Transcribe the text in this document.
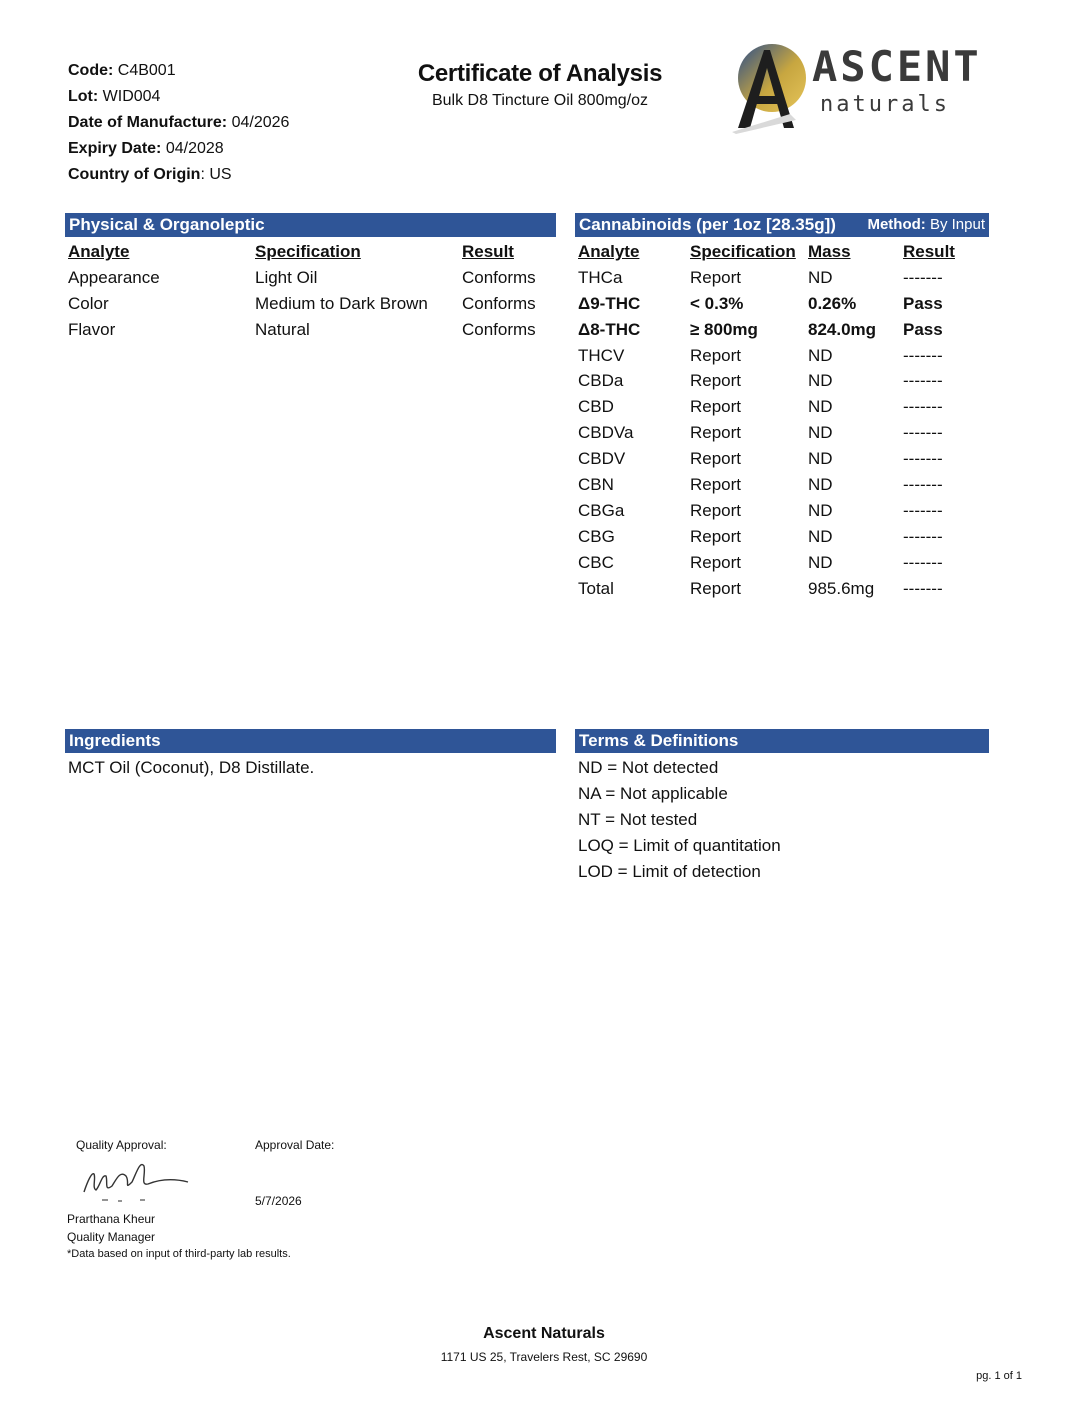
Code: C4B001
Lot: WID004
Date of Manufacture: 04/2026
Expiry Date: 04/2028
Country of Origin: US
Certificate of Analysis
Bulk D8 Tincture Oil 800mg/oz
ASCENT
naturals
Physical & Organoleptic
Analyte	Specification	Result
Appearance	Light Oil	Conforms
Color	Medium to Dark Brown Conforms
Flavor	Natural	Conforms
Cannabinoids (per 1oz [28.35g]) Method: By Input
Analyte	Specification Mass	Result
THCa	Report	ND	-------
Δ9-THC	< 0.3%	0.26%	Pass
Δ8-THC	≥ 800mg	824.0mg Pass
THCV	Report	ND	-------
CBDa	Report	ND	-------
CBD	Report	ND	-------
CBDVa	Report	ND	-------
CBDV	Report	ND	-------
CBN	Report	ND	-------
CBGa	Report	ND	-------
CBG	Report	ND	-------
CBC	Report	ND	-------
Total	Report	985.6mg -------
Ingredients
MCT Oil (Coconut), D8 Distillate.
Terms & Definitions
ND = Not detected
NA = Not applicable
NT = Not tested
LOQ = Limit of quantitation
LOD = Limit of detection
Quality Approval:	Approval Date:
5/7/2026
Prarthana Kheur
Quality Manager
*Data based on input of third-party lab results.
Ascent Naturals
1171 US 25, Travelers Rest, SC 29690
pg. 1 of 1
